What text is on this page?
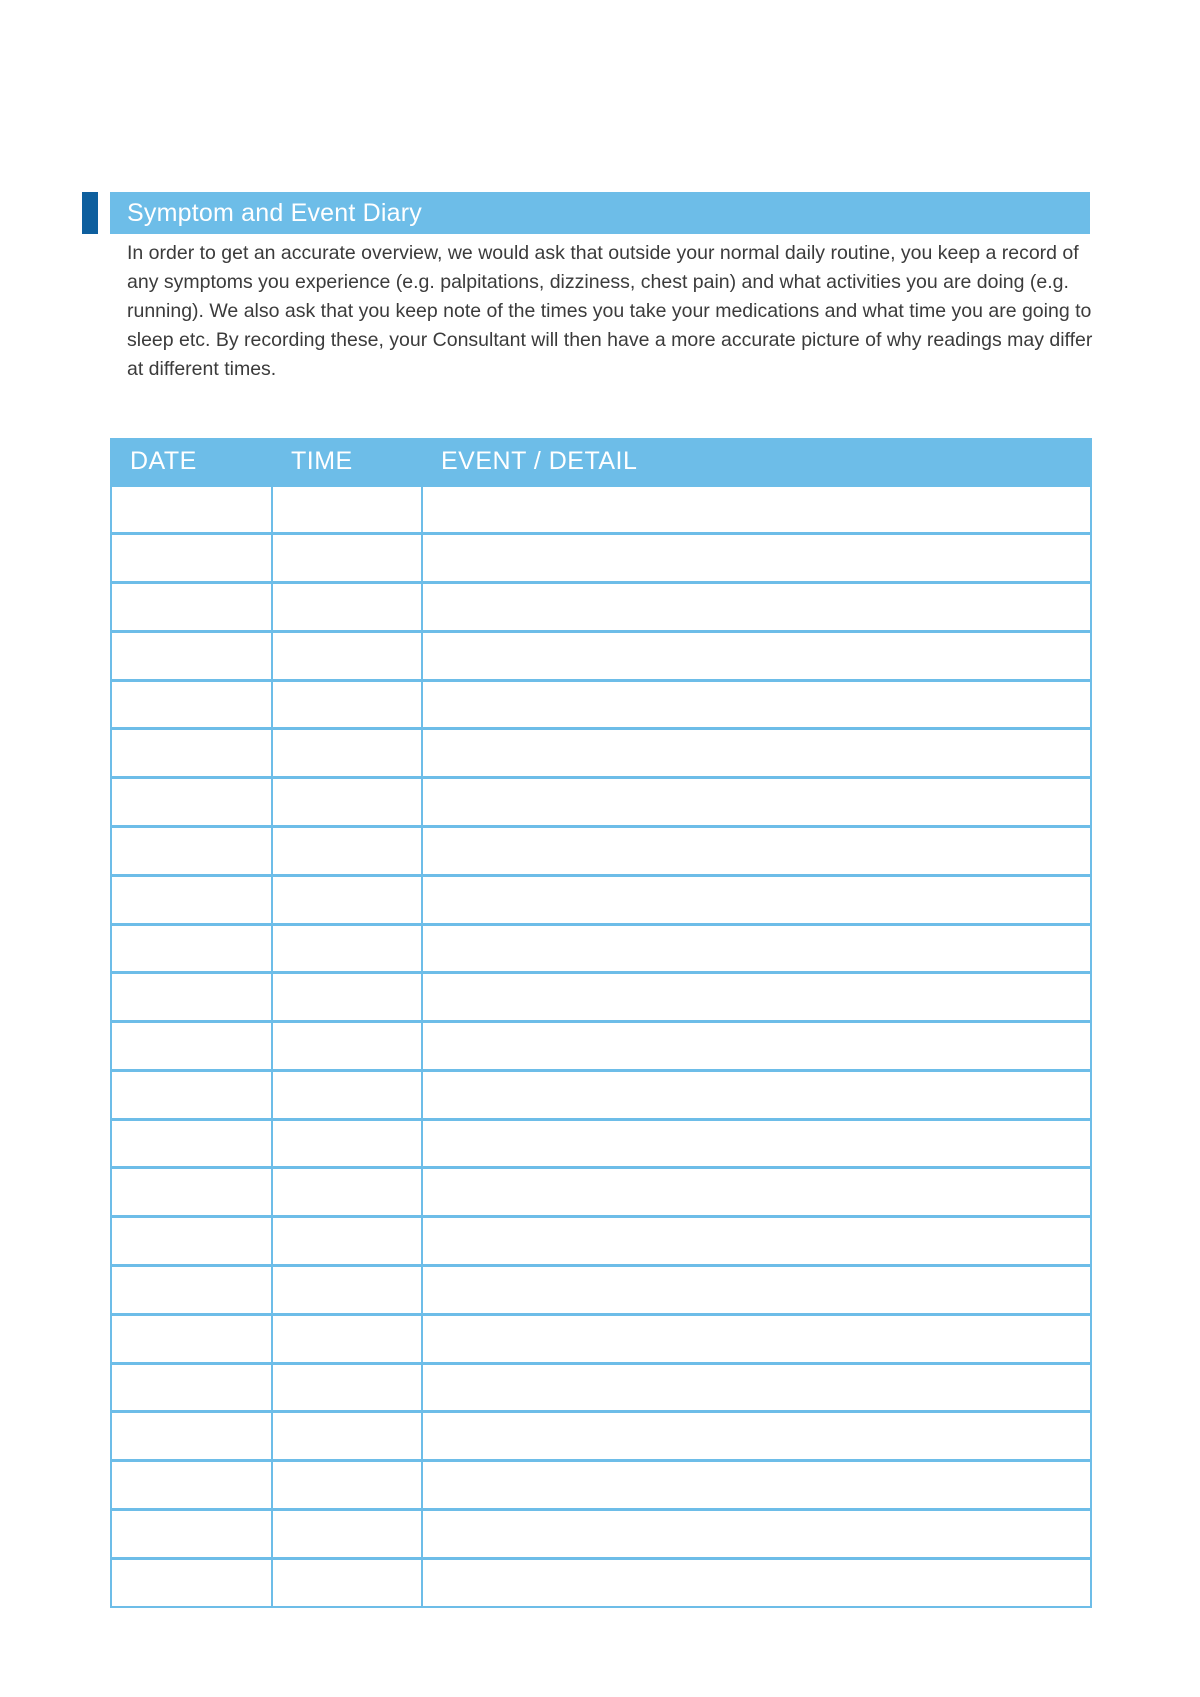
Symptom and Event Diary

In order to get an accurate overview, we would ask that outside your normal daily routine, you keep a record of any symptoms you experience (e.g. palpitations, dizziness, chest pain) and what activities you are doing (e.g. running). We also ask that you keep note of the times you take your medications and what time you are going to sleep etc. By recording these, your Consultant will then have a more accurate picture of why readings may differ at different times.

DATE	TIME	EVENT / DETAIL
